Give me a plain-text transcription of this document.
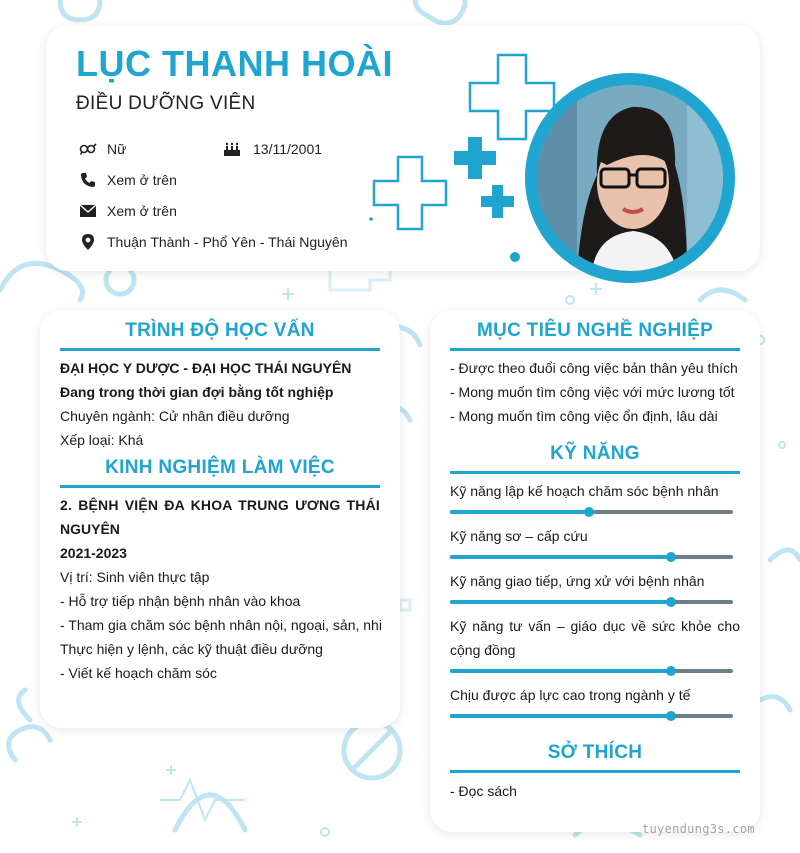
LỤC THANH HOÀI
ĐIỀU DƯỠNG VIÊN
Nữ	13/11/2001
Xem ở trên
Xem ở trên
Thuận Thành - Phổ Yên - Thái Nguyên
TRÌNH ĐỘ HỌC VẤN
ĐẠI HỌC Y DƯỢC - ĐẠI HỌC THÁI NGUYÊN
Đang trong thời gian đợi bằng tốt nghiệp
Chuyên ngành: Cử nhân điều dưỡng
Xếp loại: Khá
KINH NGHIỆM LÀM VIỆC
2. BỆNH VIỆN ĐA KHOA TRUNG ƯƠNG THÁI
NGUYÊN
2021-2023
Vị trí: Sinh viên thực tập
- Hỗ trợ tiếp nhận bệnh nhân vào khoa
- Tham gia chăm sóc bệnh nhân nội, ngoại, sản, nhi
Thực hiện y lệnh, các kỹ thuật điều dưỡng
- Viết kế hoạch chăm sóc
MỤC TIÊU NGHỀ NGHIỆP
- Được theo đuổi công việc bản thân yêu thích
- Mong muốn tìm công việc với mức lương tốt
- Mong muốn tìm công việc ổn định, lâu dài
KỸ NĂNG
Kỹ năng lập kế hoạch chăm sóc bệnh nhân
Kỹ năng sơ – cấp cứu
Kỹ năng giao tiếp, ứng xử với bệnh nhân
Kỹ năng tư vấn – giáo dục về sức khỏe cho
cộng đồng
Chịu được áp lực cao trong ngành y tế
SỞ THÍCH
- Đọc sách
tuyendung3s.com
